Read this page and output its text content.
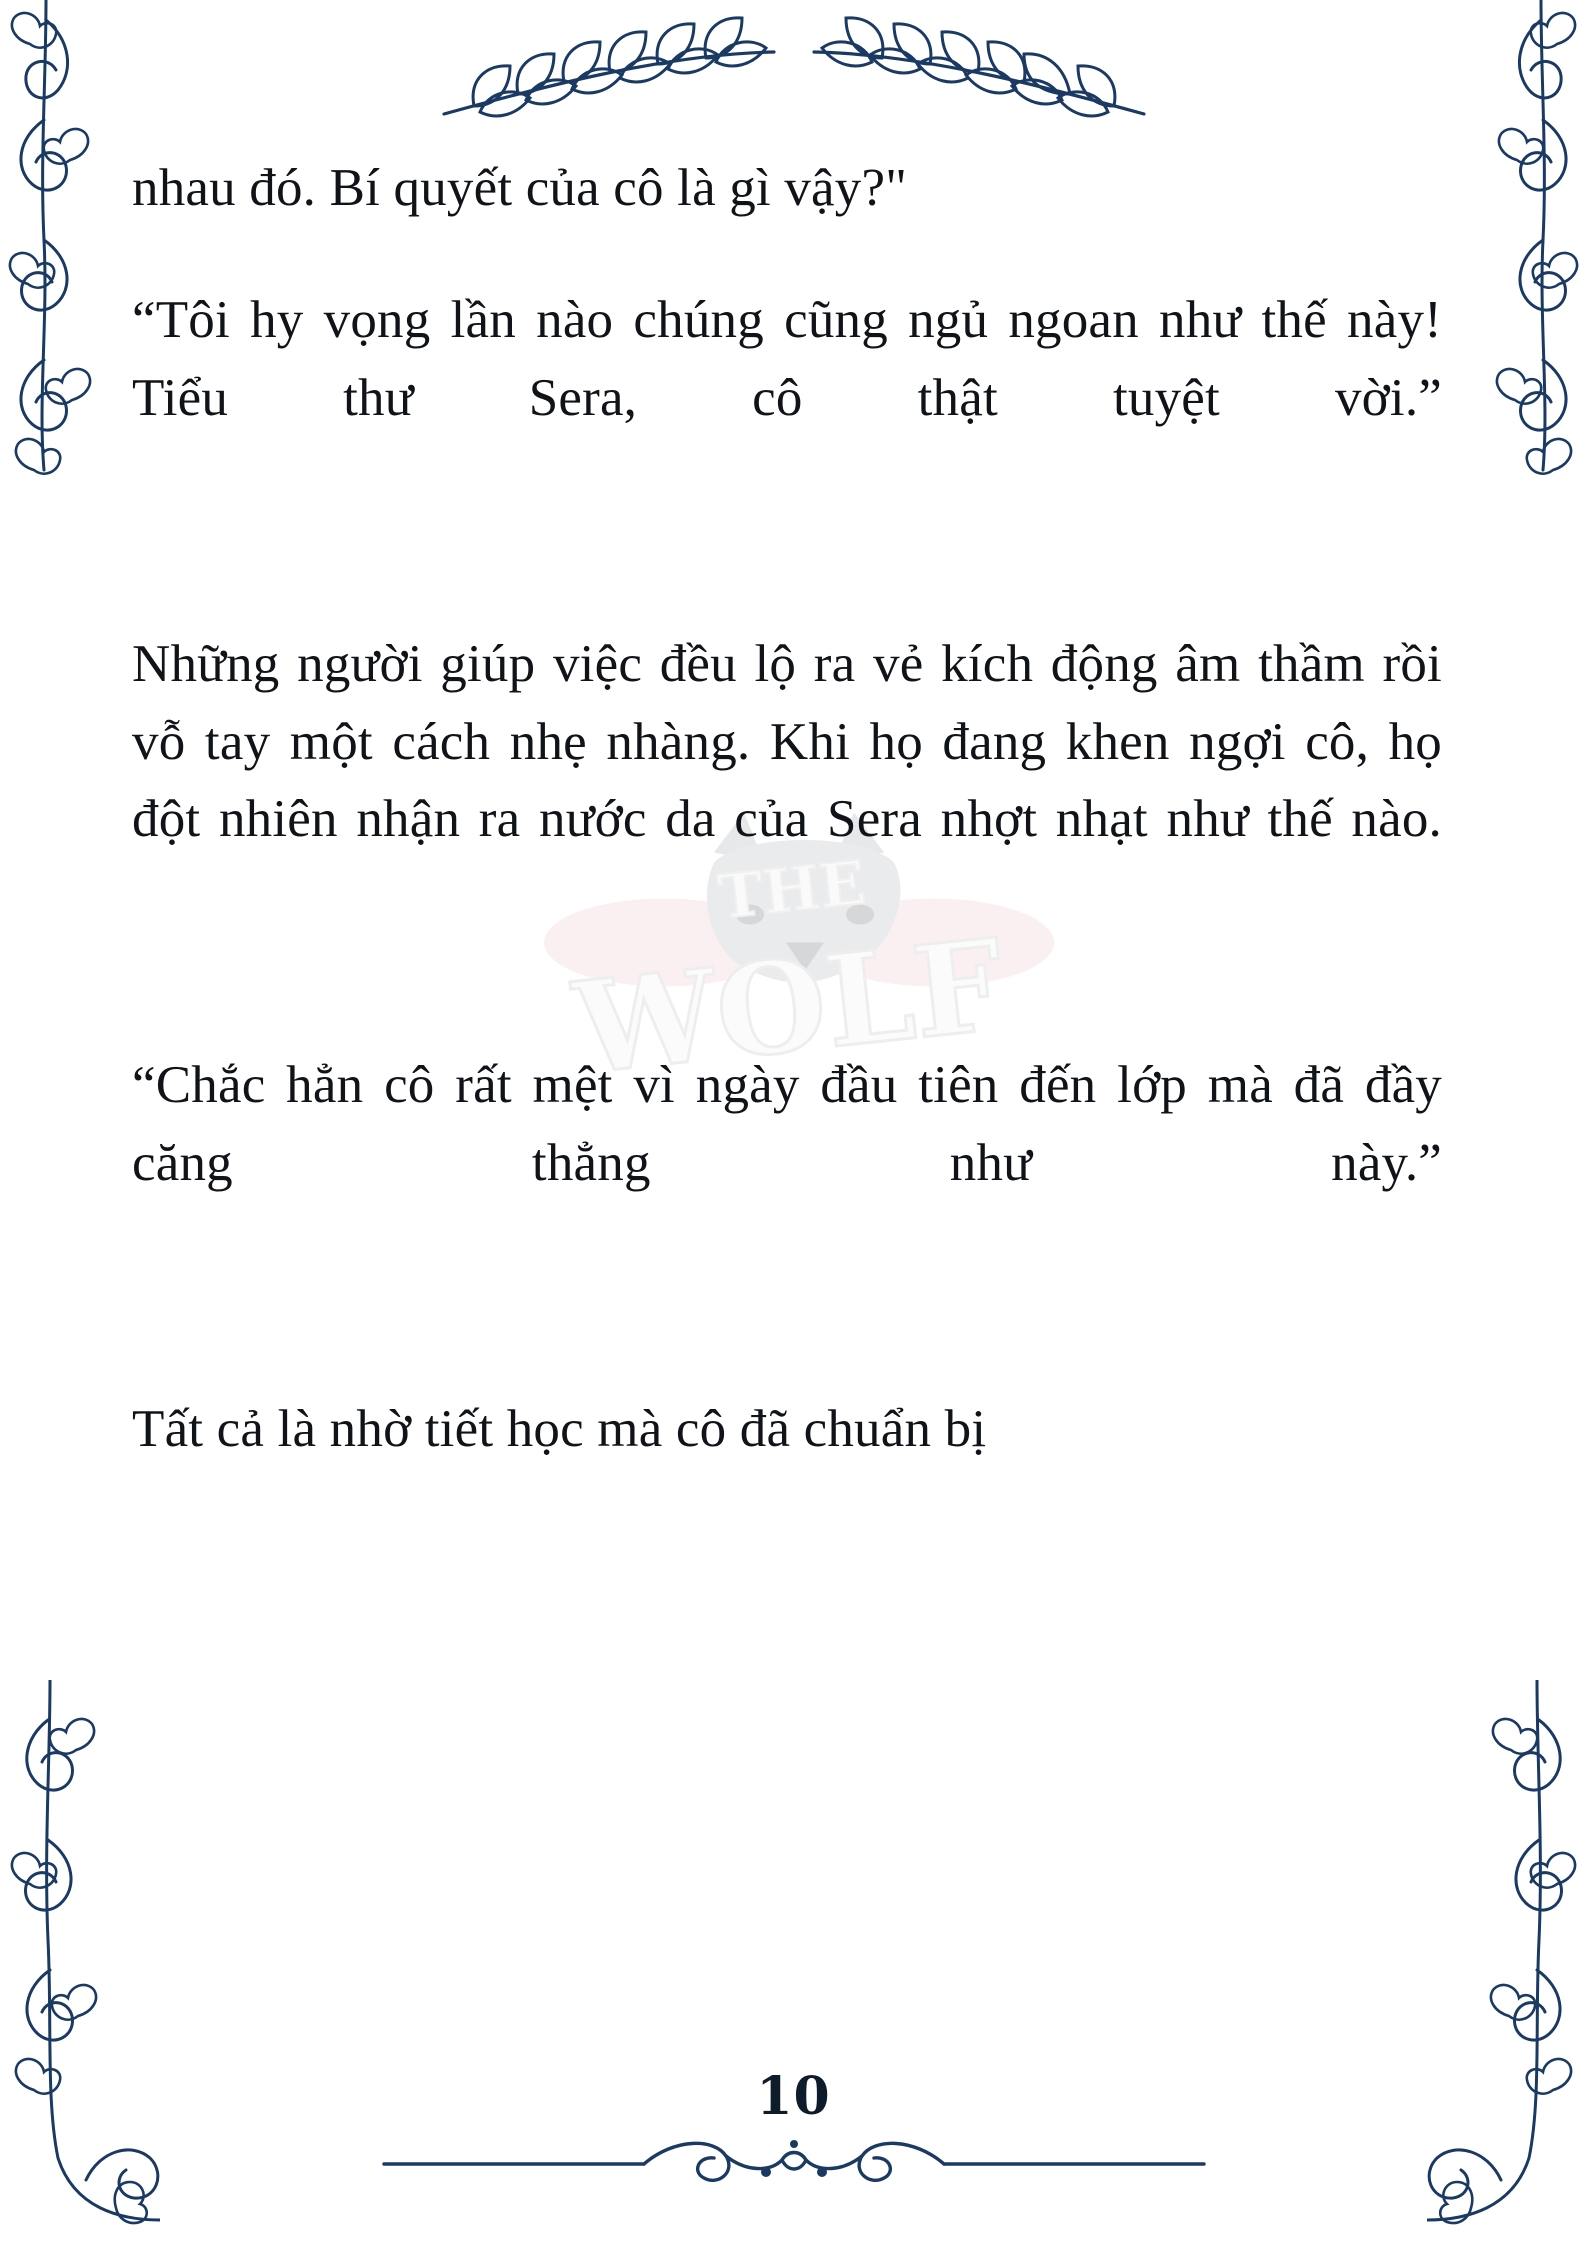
THE
WOLF

nhau đó. Bí quyết của cô là gì vậy?"

“Tôi hy vọng lần nào chúng cũng ngủ ngoan như thế này! Tiểu thư Sera, cô thật tuyệt vời.”

Những người giúp việc đều lộ ra vẻ kích động âm thầm rồi vỗ tay một cách nhẹ nhàng. Khi họ đang khen ngợi cô, họ đột nhiên nhận ra nước da của Sera nhợt nhạt như thế nào.

“Chắc hẳn cô rất mệt vì ngày đầu tiên đến lớp mà đã đầy căng thẳng như này.”

Tất cả là nhờ tiết học mà cô đã chuẩn bị

10
